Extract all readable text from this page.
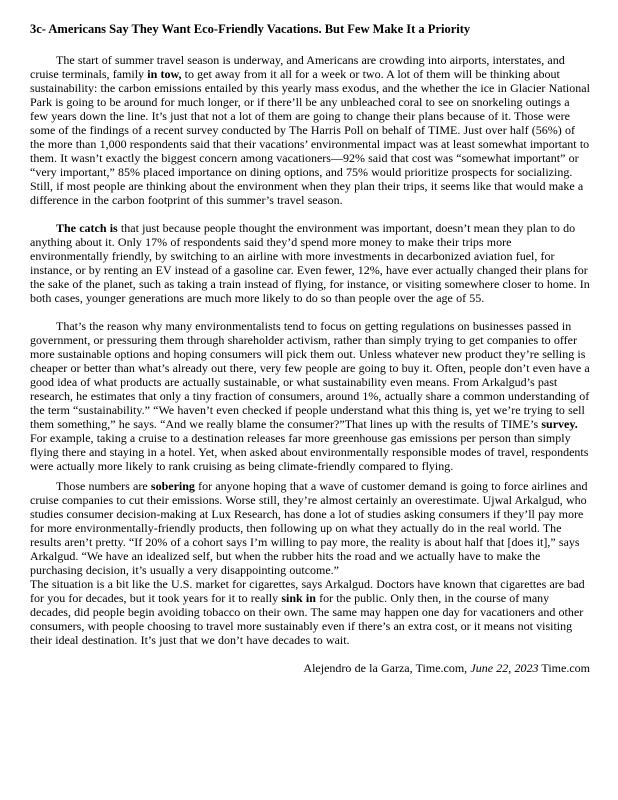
3c- Americans Say They Want Eco-Friendly Vacations. But Few Make It a Priority

The start of summer travel season is underway, and Americans are crowding into airports, interstates, and cruise terminals, family in tow, to get away from it all for a week or two. A lot of them will be thinking about sustainability: the carbon emissions entailed by this yearly mass exodus, and the whether the ice in Glacier National Park is going to be around for much longer, or if there’ll be any unbleached coral to see on snorkeling outings a few years down the line. It’s just that not a lot of them are going to change their plans because of it. Those were some of the findings of a recent survey conducted by The Harris Poll on behalf of TIME. Just over half (56%) of the more than 1,000 respondents said that their vacations’ environmental impact was at least somewhat important to them. It wasn’t exactly the biggest concern among vacationers—92% said that cost was “somewhat important” or “very important,” 85% placed importance on dining options, and 75% would prioritize prospects for socializing. Still, if most people are thinking about the environment when they plan their trips, it seems like that would make a difference in the carbon footprint of this summer’s travel season.

The catch is that just because people thought the environment was important, doesn’t mean they plan to do anything about it. Only 17% of respondents said they’d spend more money to make their trips more environmentally friendly, by switching to an airline with more investments in decarbonized aviation fuel, for instance, or by renting an EV instead of a gasoline car. Even fewer, 12%, have ever actually changed their plans for the sake of the planet, such as taking a train instead of flying, for instance, or visiting somewhere closer to home. In both cases, younger generations are much more likely to do so than people over the age of 55.

That’s the reason why many environmentalists tend to focus on getting regulations on businesses passed in government, or pressuring them through shareholder activism, rather than simply trying to get companies to offer more sustainable options and hoping consumers will pick them out. Unless whatever new product they’re selling is cheaper or better than what’s already out there, very few people are going to buy it. Often, people don’t even have a good idea of what products are actually sustainable, or what sustainability even means. From Arkalgud’s past research, he estimates that only a tiny fraction of consumers, around 1%, actually share a common understanding of the term “sustainability.” “We haven’t even checked if people understand what this thing is, yet we’re trying to sell them something,” he says. “And we really blame the consumer?”That lines up with the results of TIME’s survey. For example, taking a cruise to a destination releases far more greenhouse gas emissions per person than simply flying there and staying in a hotel. Yet, when asked about environmentally responsible modes of travel, respondents were actually more likely to rank cruising as being climate-friendly compared to flying.

Those numbers are sobering for anyone hoping that a wave of customer demand is going to force airlines and cruise companies to cut their emissions. Worse still, they’re almost certainly an overestimate. Ujwal Arkalgud, who studies consumer decision-making at Lux Research, has done a lot of studies asking consumers if they’ll pay more for more environmentally-friendly products, then following up on what they actually do in the real world. The results aren’t pretty. “If 20% of a cohort says I’m willing to pay more, the reality is about half that [does it],” says Arkalgud. “We have an idealized self, but when the rubber hits the road and we actually have to make the purchasing decision, it’s usually a very disappointing outcome.”

The situation is a bit like the U.S. market for cigarettes, says Arkalgud. Doctors have known that cigarettes are bad for you for decades, but it took years for it to really sink in for the public. Only then, in the course of many decades, did people begin avoiding tobacco on their own. The same may happen one day for vacationers and other consumers, with people choosing to travel more sustainably even if there’s an extra cost, or it means not visiting their ideal destination. It’s just that we don’t have decades to wait.

Alejendro de la Garza, Time.com, June 22, 2023 Time.com
